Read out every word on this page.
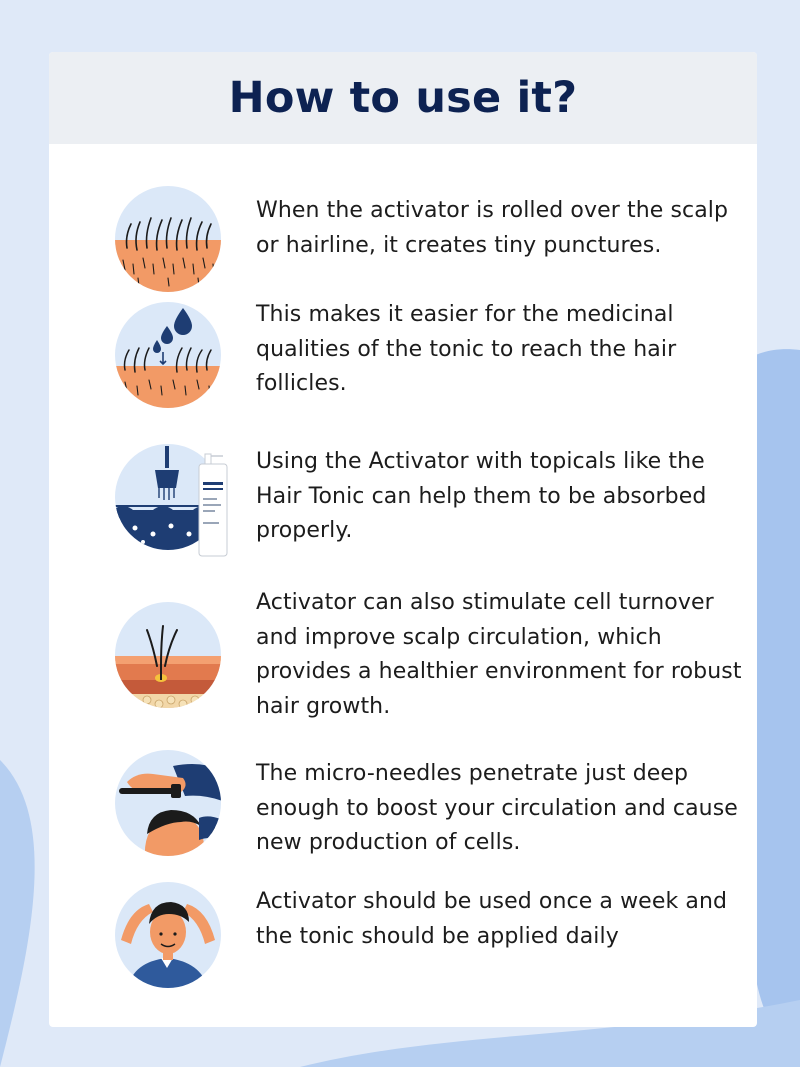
How to use it?

When the activator is rolled over the scalp or hairline, it creates tiny punctures.

This makes it easier for the medicinal qualities of the tonic to reach the hair follicles.

Using the Activator with topicals like the Hair Tonic can help them to be absorbed properly.

Activator can also stimulate cell turnover and improve scalp circulation, which provides a healthier environment for robust hair growth.

The micro-needles penetrate just deep enough to boost your circulation and cause new production of cells.

Activator should be used once a week and the tonic should be applied daily
